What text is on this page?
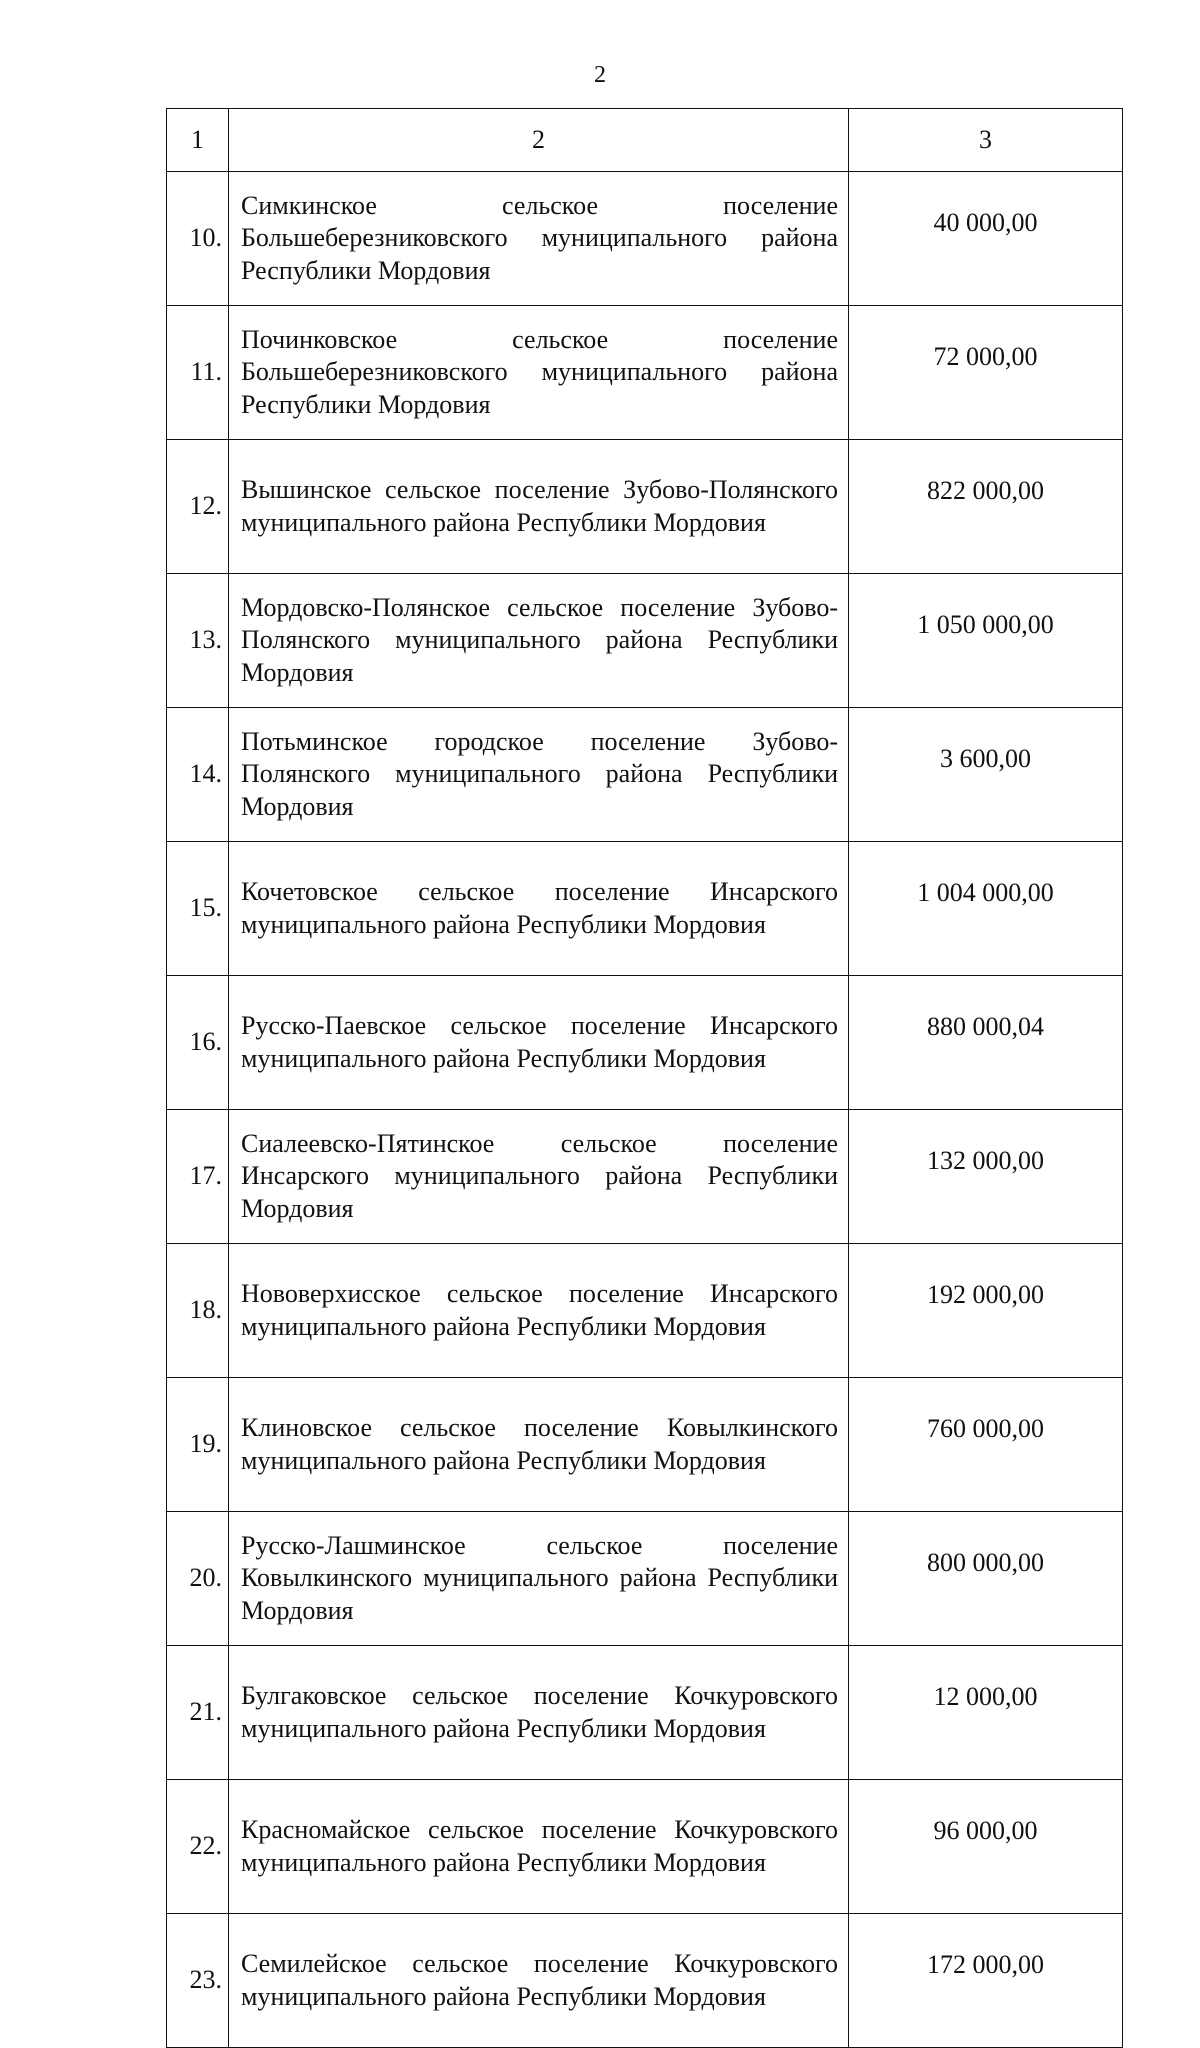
2
1	2	3
10.	Симкинское сельское поселение Большеберезниковского муниципального района Республики Мордовия	40 000,00
11.	Починковское сельское поселение Большеберезниковского муниципального района Республики Мордовия	72 000,00
12.	Вышинское сельское поселение Зубово-Полянского муниципального района Республики Мордовия	822 000,00
13.	Мордовско-Полянское сельское поселение Зубово-Полянского муниципального района Республики Мордовия	1 050 000,00
14.	Потьминское городское поселение Зубово-Полянского муниципального района Республики Мордовия	3 600,00
15.	Кочетовское сельское поселение Инсарского муниципального района Республики Мордовия	1 004 000,00
16.	Русско-Паевское сельское поселение Инсарского муниципального района Республики Мордовия	880 000,04
17.	Сиалеевско-Пятинское сельское поселение Инсарского муниципального района Республики Мордовия	132 000,00
18.	Нововерхисское сельское поселение Инсарского муниципального района Республики Мордовия	192 000,00
19.	Клиновское сельское поселение Ковылкинского муниципального района Республики Мордовия	760 000,00
20.	Русско-Лашминское сельское поселение Ковылкинского муниципального района Республики Мордовия	800 000,00
21.	Булгаковское сельское поселение Кочкуровского муниципального района Республики Мордовия	12 000,00
22.	Красномайское сельское поселение Кочкуровского муниципального района Республики Мордовия	96 000,00
23.	Семилейское сельское поселение Кочкуровского муниципального района Республики Мордовия	172 000,00
